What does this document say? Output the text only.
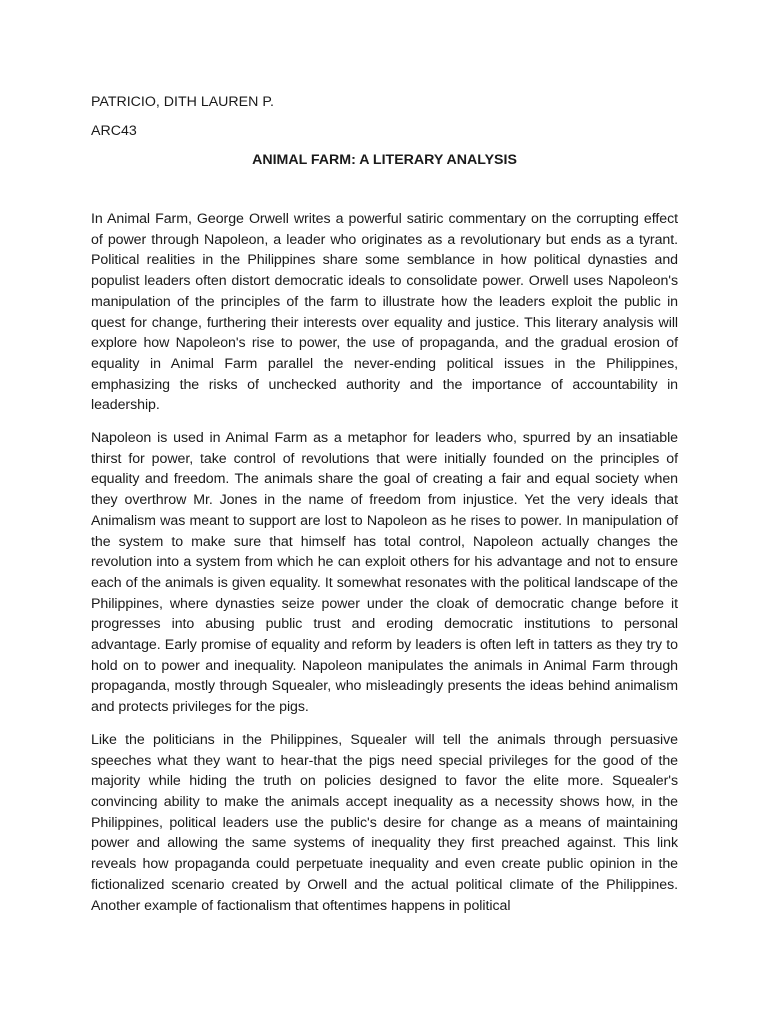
PATRICIO, DITH LAUREN P.

ARC43

ANIMAL FARM: A LITERARY ANALYSIS

In Animal Farm, George Orwell writes a powerful satiric commentary on the corrupting effect of power through Napoleon, a leader who originates as a revolutionary but ends as a tyrant. Political realities in the Philippines share some semblance in how political dynasties and populist leaders often distort democratic ideals to consolidate power. Orwell uses Napoleon's manipulation of the principles of the farm to illustrate how the leaders exploit the public in quest for change, furthering their interests over equality and justice. This literary analysis will explore how Napoleon's rise to power, the use of propaganda, and the gradual erosion of equality in Animal Farm parallel the never-ending political issues in the Philippines, emphasizing the risks of unchecked authority and the importance of accountability in leadership.

Napoleon is used in Animal Farm as a metaphor for leaders who, spurred by an insatiable thirst for power, take control of revolutions that were initially founded on the principles of equality and freedom. The animals share the goal of creating a fair and equal society when they overthrow Mr. Jones in the name of freedom from injustice. Yet the very ideals that Animalism was meant to support are lost to Napoleon as he rises to power. In manipulation of the system to make sure that himself has total control, Napoleon actually changes the revolution into a system from which he can exploit others for his advantage and not to ensure each of the animals is given equality. It somewhat resonates with the political landscape of the Philippines, where dynasties seize power under the cloak of democratic change before it progresses into abusing public trust and eroding democratic institutions to personal advantage. Early promise of equality and reform by leaders is often left in tatters as they try to hold on to power and inequality. Napoleon manipulates the animals in Animal Farm through propaganda, mostly through Squealer, who misleadingly presents the ideas behind animalism and protects privileges for the pigs.

Like the politicians in the Philippines, Squealer will tell the animals through persuasive speeches what they want to hear-that the pigs need special privileges for the good of the majority while hiding the truth on policies designed to favor the elite more. Squealer's convincing ability to make the animals accept inequality as a necessity shows how, in the Philippines, political leaders use the public's desire for change as a means of maintaining power and allowing the same systems of inequality they first preached against. This link reveals how propaganda could perpetuate inequality and even create public opinion in the fictionalized scenario created by Orwell and the actual political climate of the Philippines. Another example of factionalism that oftentimes happens in political
